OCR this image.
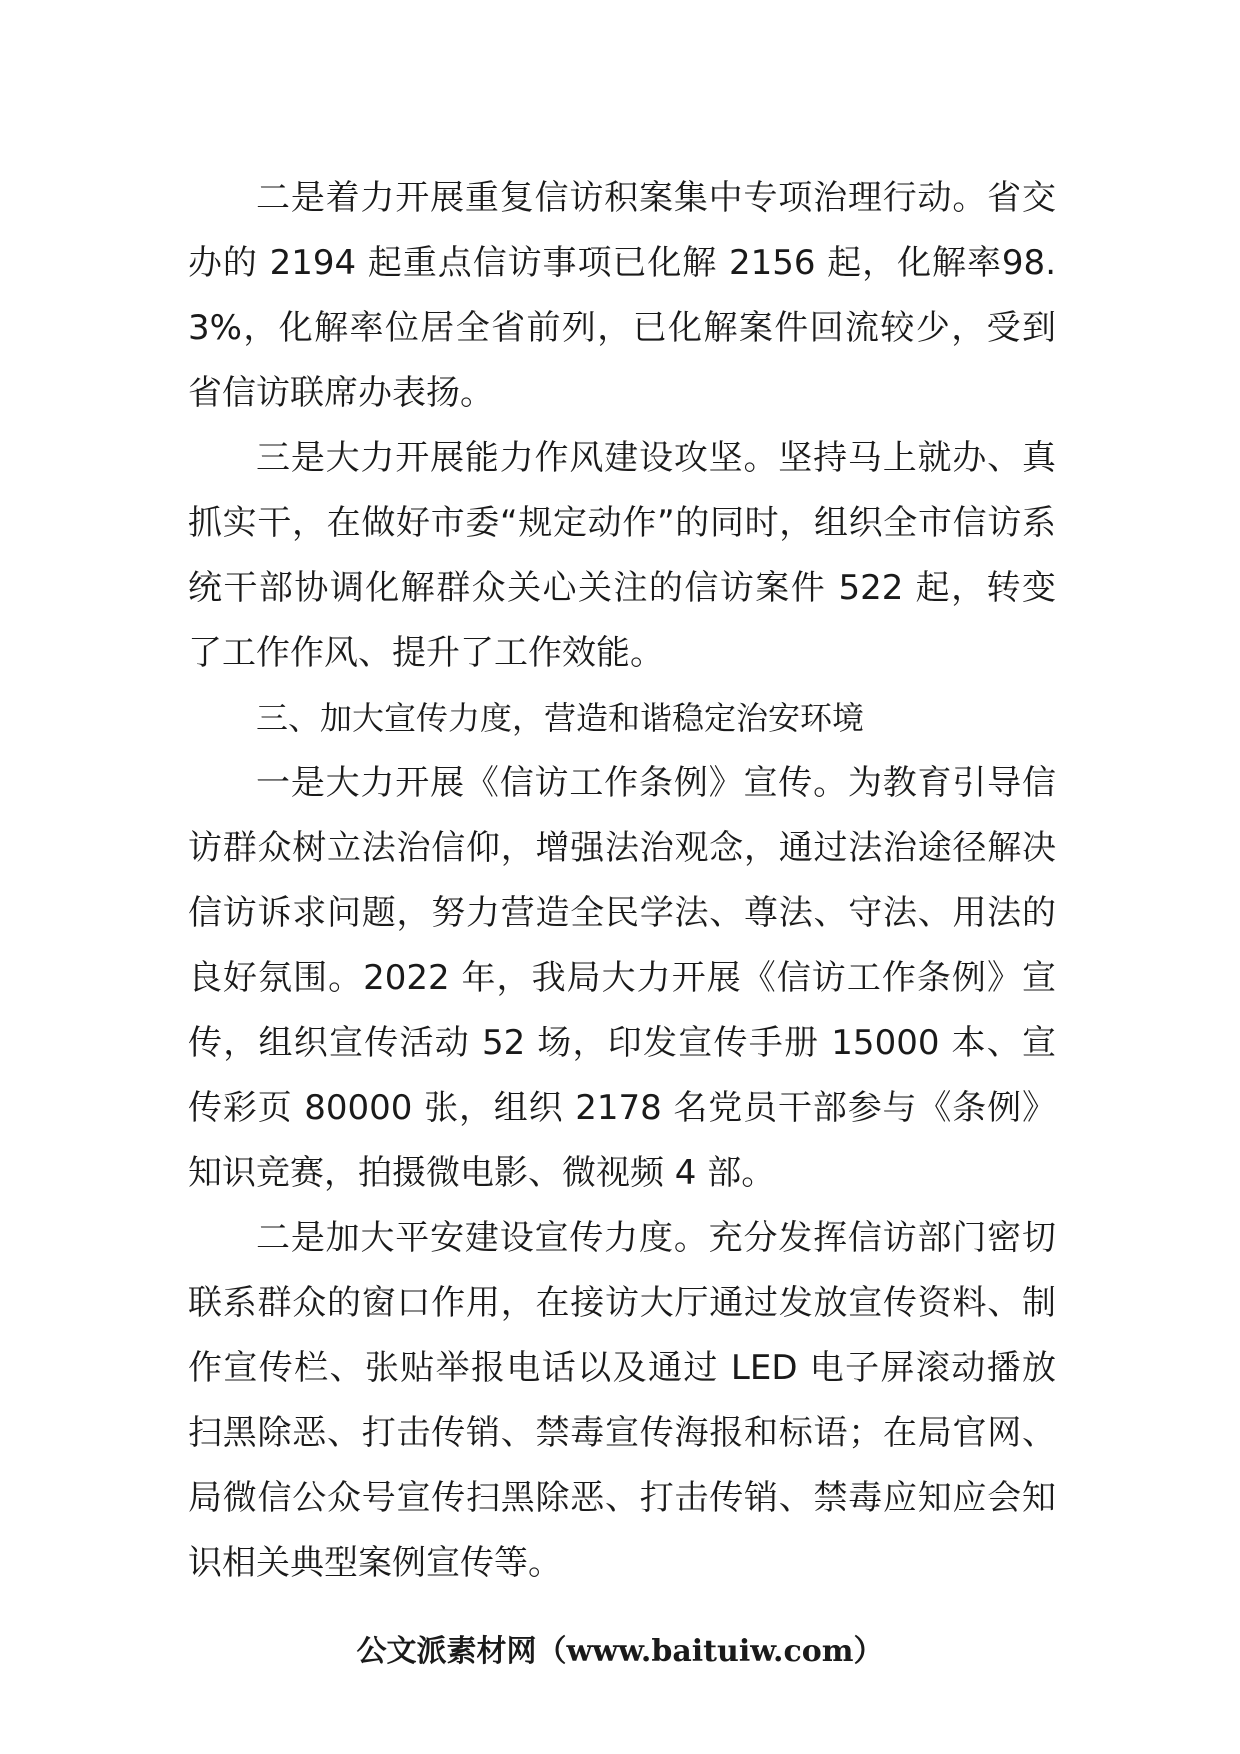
二是着力开展重复信访积案集中专项治理行动。省交办的 2194 起重点信访事项已化解 2156 起，化解率98.3%，化解率位居全省前列，已化解案件回流较少，受到省信访联席办表扬。

三是大力开展能力作风建设攻坚。坚持马上就办、真抓实干，在做好市委“规定动作”的同时，组织全市信访系统干部协调化解群众关心关注的信访案件 522 起，转变了工作作风、提升了工作效能。

三、加大宣传力度，营造和谐稳定治安环境

一是大力开展《信访工作条例》宣传。为教育引导信访群众树立法治信仰，增强法治观念，通过法治途径解决信访诉求问题，努力营造全民学法、尊法、守法、用法的良好氛围。2022 年，我局大力开展《信访工作条例》宣传，组织宣传活动 52 场，印发宣传手册 15000 本、宣传彩页 80000 张，组织 2178 名党员干部参与《条例》知识竞赛，拍摄微电影、微视频 4 部。

二是加大平安建设宣传力度。充分发挥信访部门密切联系群众的窗口作用，在接访大厅通过发放宣传资料、制作宣传栏、张贴举报电话以及通过 LED 电子屏滚动播放扫黑除恶、打击传销、禁毒宣传海报和标语；在局官网、局微信公众号宣传扫黑除恶、打击传销、禁毒应知应会知识相关典型案例宣传等。

公文派素材网（www.baituiw.com）
